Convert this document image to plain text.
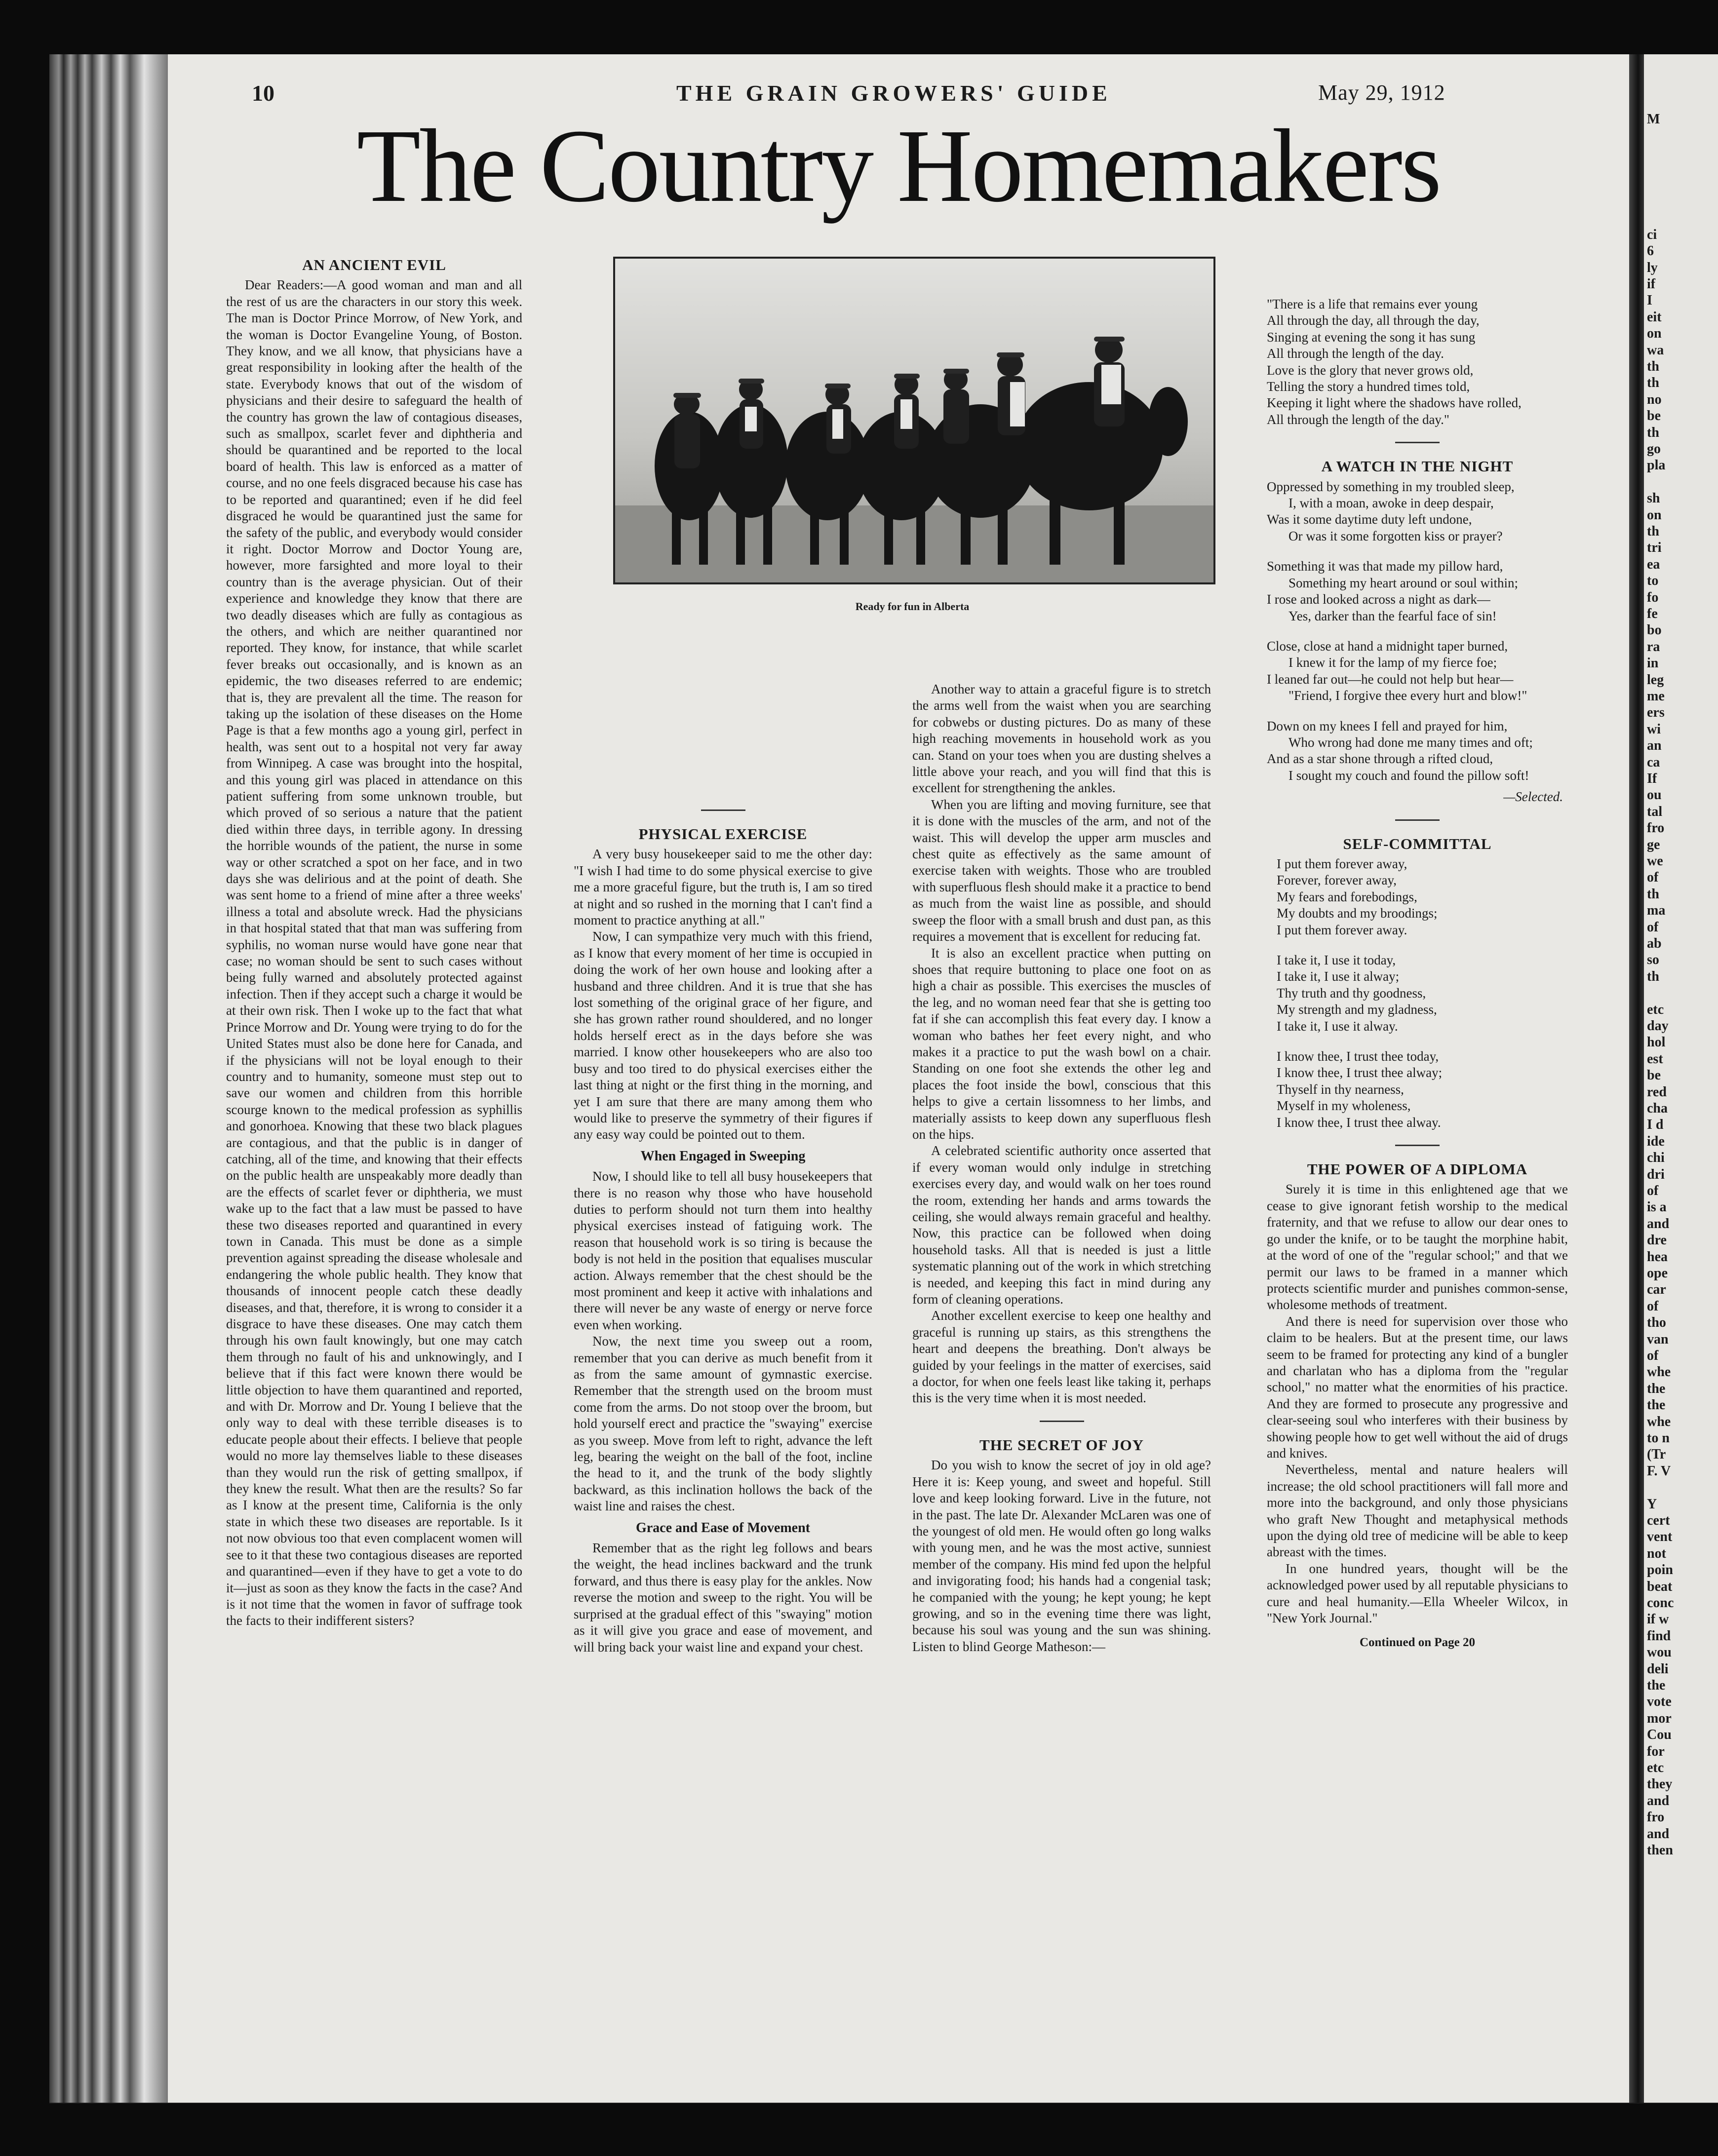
10	THE GRAIN GROWERS' GUIDE	May 29, 1912
The Country Homemakers
AN ANCIENT EVIL

Dear Readers:—A good woman and man and all the rest of us are the characters in our story this week. The man is Doctor Prince Morrow, of New York, and the woman is Doctor Evangeline Young, of Boston. They know, and we all know, that physicians have a great responsibility in looking after the health of the state. Everybody knows that out of the wisdom of physicians and their desire to safeguard the health of the country has grown the law of contagious diseases, such as smallpox, scarlet fever and diphtheria and should be quarantined and be reported to the local board of health. This law is enforced as a matter of course, and no one feels disgraced because his case has to be reported and quarantined; even if he did feel disgraced he would be quarantined just the same for the safety of the public, and everybody would consider it right. Doctor Morrow and Doctor Young are, however, more farsighted and more loyal to their country than is the average physician. Out of their experience and knowledge they know that there are two deadly diseases which are fully as contagious as the others, and which are neither quarantined nor reported. They know, for instance, that while scarlet fever breaks out occasionally, and is known as an epidemic, the two diseases referred to are endemic; that is, they are prevalent all the time. The reason for taking up the isolation of these diseases on the Home Page is that a few months ago a young girl, perfect in health, was sent out to a hospital not very far away from Winnipeg. A case was brought into the hospital, and this young girl was placed in attendance on this patient suffering from some unknown trouble, but which proved of so serious a nature that the patient died within three days, in terrible agony. In dressing the horrible wounds of the patient, the nurse in some way or other scratched a spot on her face, and in two days she was delirious and at the point of death. She was sent home to a friend of mine after a three weeks' illness a total and absolute wreck. Had the physicians in that hospital stated that that man was suffering from syphilis, no woman nurse would have gone near that case; no woman should be sent to such cases without being fully warned and absolutely protected against infection. Then if they accept such a charge it would be at their own risk. Then I woke up to the fact that what Prince Morrow and Dr. Young were trying to do for the United States must also be done here for Canada, and if the physicians will not be loyal enough to their country and to humanity, someone must step out to save our women and children from this horrible scourge known to the medical profession as syphillis and gonorhoea. Knowing that these two black plagues are contagious, and that the public is in danger of catching, all of the time, and knowing that their effects on the public health are unspeakably more deadly than are the effects of scarlet fever or diphtheria, we must wake up to the fact that a law must be passed to have these two diseases reported and quarantined in every town in Canada. This must be done as a simple prevention against spreading the disease wholesale and endangering the whole public health. They know that thousands of innocent people catch these deadly diseases, and that, therefore, it is wrong to consider it a disgrace to have these diseases. One may catch them through his own fault knowingly, but one may catch them through no fault of his and unknowingly, and I believe that if this fact were known there would be little objection to have them quarantined and reported, and with Dr. Morrow and Dr. Young I believe that the only way to deal with these terrible diseases is to educate people about their effects. I believe that people would no more lay themselves liable to these diseases than they would run the risk of getting smallpox, if they knew the result. What then are the results? So far as I know at the present time, California is the only state in which these two diseases are reportable. Is it not now obvious too that even complacent women will see to it that these two contagious diseases are reported and quarantined—even if they have to get a vote to do it—just as soon as they know the facts in the case? And is it not time that the women in favor of suffrage took the facts to their indifferent sisters?

Ready for fun in Alberta
PHYSICAL EXERCISE

A very busy housekeeper said to me the other day: "I wish I had time to do some physical exercise to give me a more graceful figure, but the truth is, I am so tired at night and so rushed in the morning that I can't find a moment to practice anything at all."

Now, I can sympathize very much with this friend, as I know that every moment of her time is occupied in doing the work of her own house and looking after a husband and three children. And it is true that she has lost something of the original grace of her figure, and she has grown rather round shouldered, and no longer holds herself erect as in the days before she was married. I know other housekeepers who are also too busy and too tired to do physical exercises either the last thing at night or the first thing in the morning, and yet I am sure that there are many among them who would like to preserve the symmetry of their figures if any easy way could be pointed out to them.

When Engaged in Sweeping

Now, I should like to tell all busy housekeepers that there is no reason why those who have household duties to perform should not turn them into healthy physical exercises instead of fatiguing work. The reason that household work is so tiring is because the body is not held in the position that equalises muscular action. Always remember that the chest should be the most prominent and keep it active with inhalations and there will never be any waste of energy or nerve force even when working.

Now, the next time you sweep out a room, remember that you can derive as much benefit from it as from the same amount of gymnastic exercise. Remember that the strength used on the broom must come from the arms. Do not stoop over the broom, but hold yourself erect and practice the "swaying" exercise as you sweep. Move from left to right, advance the left leg, bearing the weight on the ball of the foot, incline the head to it, and the trunk of the body slightly backward, as this inclination hollows the back of the waist line and raises the chest.

Grace and Ease of Movement

Remember that as the right leg follows and bears the weight, the head inclines backward and the trunk forward, and thus there is easy play for the ankles. Now reverse the motion and sweep to the right. You will be surprised at the gradual effect of this "swaying" motion as it will give you grace and ease of movement, and will bring back your waist line and expand your chest.

Another way to attain a graceful figure is to stretch the arms well from the waist when you are searching for cobwebs or dusting pictures. Do as many of these high reaching movements in household work as you can. Stand on your toes when you are dusting shelves a little above your reach, and you will find that this is excellent for strengthening the ankles.

When you are lifting and moving furniture, see that it is done with the muscles of the arm, and not of the waist. This will develop the upper arm muscles and chest quite as effectively as the same amount of exercise taken with weights. Those who are troubled with superfluous flesh should make it a practice to bend as much from the waist line as possible, and should sweep the floor with a small brush and dust pan, as this requires a movement that is excellent for reducing fat.

It is also an excellent practice when putting on shoes that require buttoning to place one foot on as high a chair as possible. This exercises the muscles of the leg, and no woman need fear that she is getting too fat if she can accomplish this feat every day. I know a woman who bathes her feet every night, and who makes it a practice to put the wash bowl on a chair. Standing on one foot she extends the other leg and places the foot inside the bowl, conscious that this helps to give a certain lissomness to her limbs, and materially assists to keep down any superfluous flesh on the hips.

A celebrated scientific authority once asserted that if every woman would only indulge in stretching exercises every day, and would walk on her toes round the room, extending her hands and arms towards the ceiling, she would always remain graceful and healthy. Now, this practice can be followed when doing household tasks. All that is needed is just a little systematic planning out of the work in which stretching is needed, and keeping this fact in mind during any form of cleaning operations.

Another excellent exercise to keep one healthy and graceful is running up stairs, as this strengthens the heart and deepens the breathing. Don't always be guided by your feelings in the matter of exercises, said a doctor, for when one feels least like taking it, perhaps this is the very time when it is most needed.

THE SECRET OF JOY

Do you wish to know the secret of joy in old age? Here it is: Keep young, and sweet and hopeful. Still love and keep looking forward. Live in the future, not in the past. The late Dr. Alexander McLaren was one of the youngest of old men. He would often go long walks with young men, and he was the most active, sunniest member of the company. His mind fed upon the helpful and invigorating food; his hands had a congenial task; he companied with the young; he kept young; he kept growing, and so in the evening time there was light, because his soul was young and the sun was shining. Listen to blind George Matheson:—

"There is a life that remains ever young
All through the day, all through the day,
Singing at evening the song it has sung
All through the length of the day.
Love is the glory that never grows old,
Telling the story a hundred times told,
Keeping it light where the shadows have rolled,
All through the length of the day."
A WATCH IN THE NIGHT
Oppressed by something in my troubled sleep,
I, with a moan, awoke in deep despair,
Was it some daytime duty left undone,
Or was it some forgotten kiss or prayer?
Something it was that made my pillow hard,
Something my heart around or soul within;
I rose and looked across a night as dark—
Yes, darker than the fearful face of sin!
Close, close at hand a midnight taper burned,
I knew it for the lamp of my fierce foe;
I leaned far out—he could not help but hear—
"Friend, I forgive thee every hurt and blow!"
Down on my knees I fell and prayed for him,
Who wrong had done me many times and oft;
And as a star shone through a rifted cloud,
I sought my couch and found the pillow soft!
—Selected.
SELF-COMMITTAL
I put them forever away,
Forever, forever away,
My fears and forebodings,
My doubts and my broodings;
I put them forever away.
I take it, I use it today,
I take it, I use it alway;
Thy truth and thy goodness,
My strength and my gladness,
I take it, I use it alway.
I know thee, I trust thee today,
I know thee, I trust thee alway;
Thyself in thy nearness,
Myself in my wholeness,
I know thee, I trust thee alway.
THE POWER OF A DIPLOMA

Surely it is time in this enlightened age that we cease to give ignorant fetish worship to the medical fraternity, and that we refuse to allow our dear ones to go under the knife, or to be taught the morphine habit, at the word of one of the "regular school;" and that we permit our laws to be framed in a manner which protects scientific murder and punishes common-sense, wholesome methods of treatment.

And there is need for supervision over those who claim to be healers. But at the present time, our laws seem to be framed for protecting any kind of a bungler and charlatan who has a diploma from the "regular school," no matter what the enormities of his practice. And they are formed to prosecute any progressive and clear-seeing soul who interferes with their business by showing people how to get well without the aid of drugs and knives.

Nevertheless, mental and nature healers will increase; the old school practitioners will fall more and more into the background, and only those physicians who graft New Thought and metaphysical methods upon the dying old tree of medicine will be able to keep abreast with the times.

In one hundred years, thought will be the acknowledged power used by all reputable physicians to cure and heal humanity.—Ella Wheeler Wilcox, in "New York Journal."

Continued on Page 20
M
ci
6
ly
if
I
eit
on
wa
th
th
no
be
th
go
pla
sh
on
th
tri
ea
to
fo
fe
bo
ra
in
leg
me
ers
wi
an
ca
If
ou
tal
fro
ge
we
of
th
ma
of
ab
so
th
etc
day
hol
est
be
red
cha
I d
ide
chi
dri
of
is a
and
dre
hea
ope
car
of
tho
van
of
whe
the
the
whe
to n
(Tr
F. V
Y
cert
vent
not
poin
beat
conc
if w
find
wou
deli
the
vote
mor
Cou
for
etc
they
and
fro
and
then
